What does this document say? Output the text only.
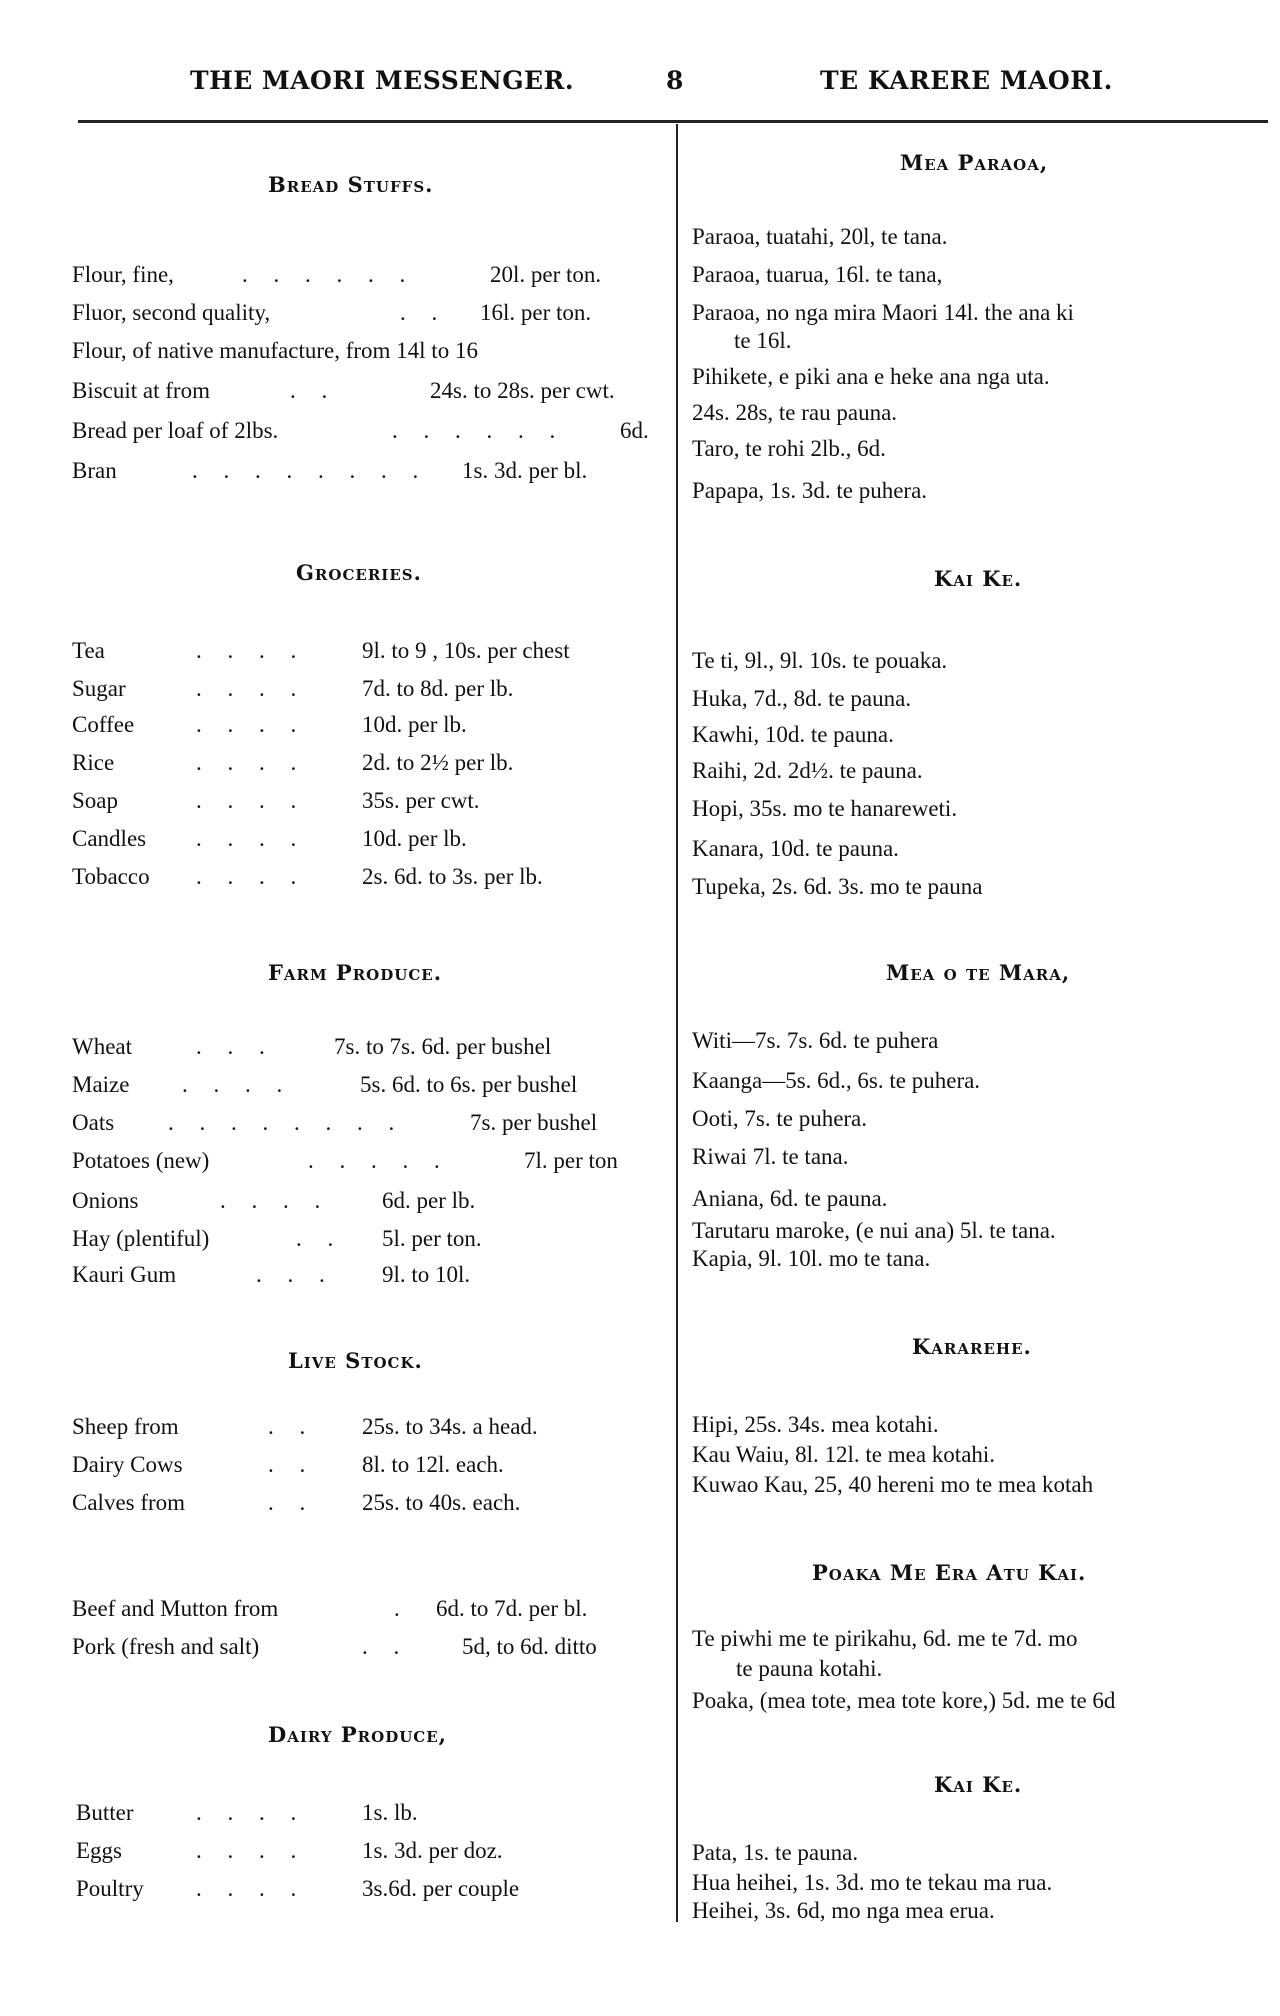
THE MAORI MESSENGER.	8	TE KARERE MAORI.
Bread Stuffs.
Flour, fine,	. . . . . .	20l. per ton.
Fluor, second quality,	. . 16l. per ton.
Flour, of native manufacture, from 14l to 16
Biscuit at from	. .	24s. to 28s. per cwt.
Bread per loaf of 2lbs.	. . . . . . 6d.
Bran	. . . . . . . . 1s. 3d. per bl.
Groceries.
Tea	. . . . 9l. to 9 , 10s. per chest
Sugar	. . . . 7d. to 8d. per lb.
Coffee	. . . . 10d. per lb.
Rice	. . . . 2d. to 2½ per lb.
Soap	. . . . 35s. per cwt.
Candles . . . . 10d. per lb.
Tobacco . . . . 2s. 6d. to 3s. per lb.
Farm Produce.
Wheat	. . .	7s. to 7s. 6d. per bushel
Maize . . . .	5s. 6d. to 6s. per bushel
Oats . . . . . . . .	7s. per bushel
Potatoes (new)	. . . . .	7l. per ton
Onions	. . . . 6d. per lb.
Hay (plentiful)	. . 5l. per ton.
Kauri Gum	. . . 9l. to 10l.
Live Stock.
Sheep from	. . 25s. to 34s. a head.
Dairy Cows	. . 8l. to 12l. each.
Calves from	. . 25s. to 40s. each.
Beef and Mutton from	. 6d. to 7d. per bl.
Pork (fresh and salt)	. . 5d, to 6d. ditto
Dairy Produce,
Butter	. . . . 1s. lb.
Eggs	. . . . 1s. 3d. per doz.
Poultry . . . . 3s.6d. per couple
Mea Paraoa,
Paraoa, tuatahi, 20l, te tana.
Paraoa, tuarua, 16l. te tana,
Paraoa, no nga mira Maori 14l. the ana ki
te 16l.
Pihikete, e piki ana e heke ana nga uta.
24s. 28s, te rau pauna.
Taro, te rohi 2lb., 6d.
Papapa, 1s. 3d. te puhera.
Kai Ke.
Te ti, 9l., 9l. 10s. te pouaka.
Huka, 7d., 8d. te pauna.
Kawhi, 10d. te pauna.
Raihi, 2d. 2d½. te pauna.
Hopi, 35s. mo te hanareweti.
Kanara, 10d. te pauna.
Tupeka, 2s. 6d. 3s. mo te pauna
Mea o te Mara,
Witi—7s. 7s. 6d. te puhera
Kaanga—5s. 6d., 6s. te puhera.
Ooti, 7s. te puhera.
Riwai 7l. te tana.
Aniana, 6d. te pauna.
Tarutaru maroke, (e nui ana) 5l. te tana.
Kapia, 9l. 10l. mo te tana.
Kararehe.
Hipi, 25s. 34s. mea kotahi.
Kau Waiu, 8l. 12l. te mea kotahi.
Kuwao Kau, 25, 40 hereni mo te mea kotah
Poaka Me Era Atu Kai.
Te piwhi me te pirikahu, 6d. me te 7d. mo
te pauna kotahi.
Poaka, (mea tote, mea tote kore,) 5d. me te 6d
Kai Ke.
Pata, 1s. te pauna.
Hua heihei, 1s. 3d. mo te tekau ma rua.
Heihei, 3s. 6d, mo nga mea erua.
